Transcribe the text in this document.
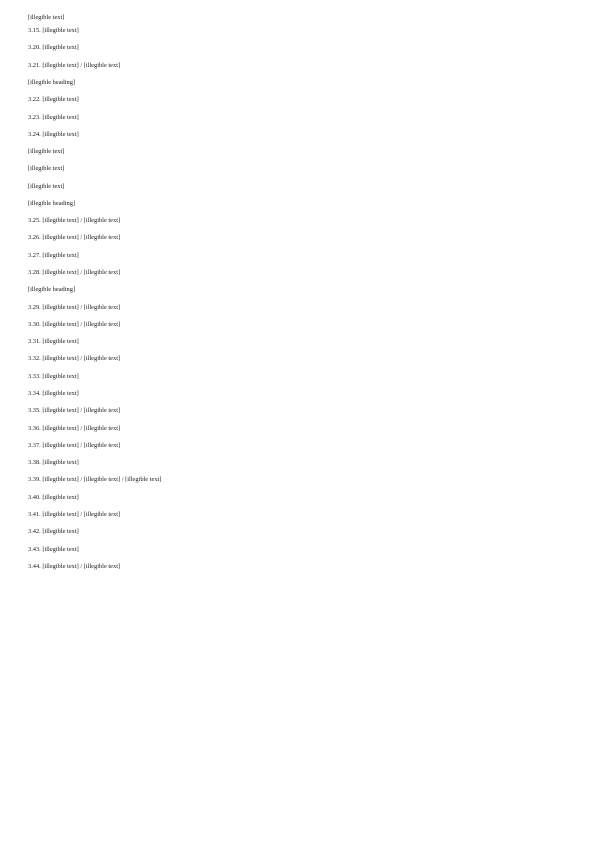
[illegible text]

3.15. [illegible text]

3.20. [illegible text]

3.21. [illegible text] / [illegible text]

[illegible heading]

3.22. [illegible text]

3.23. [illegible text]

3.24. [illegible text]

[illegible text]

[illegible text]

[illegible text]

[illegible heading]

3.25. [illegible text] / [illegible text]

3.26. [illegible text] / [illegible text]

3.27. [illegible text]

3.28. [illegible text] / [illegible text]

[illegible heading]

3.29. [illegible text] / [illegible text]

3.30. [illegible text] / [illegible text]

3.31. [illegible text]

3.32. [illegible text] / [illegible text]

3.33. [illegible text]

3.34. [illegible text]

3.35. [illegible text] / [illegible text]

3.36. [illegible text] / [illegible text]

3.37. [illegible text] / [illegible text]

3.38. [illegible text]

3.39. [illegible text] / [illegible text] / [illegible text]

3.40. [illegible text]

3.41. [illegible text] / [illegible text]

3.42. [illegible text]

3.43. [illegible text]

3.44. [illegible text] / [illegible text]
